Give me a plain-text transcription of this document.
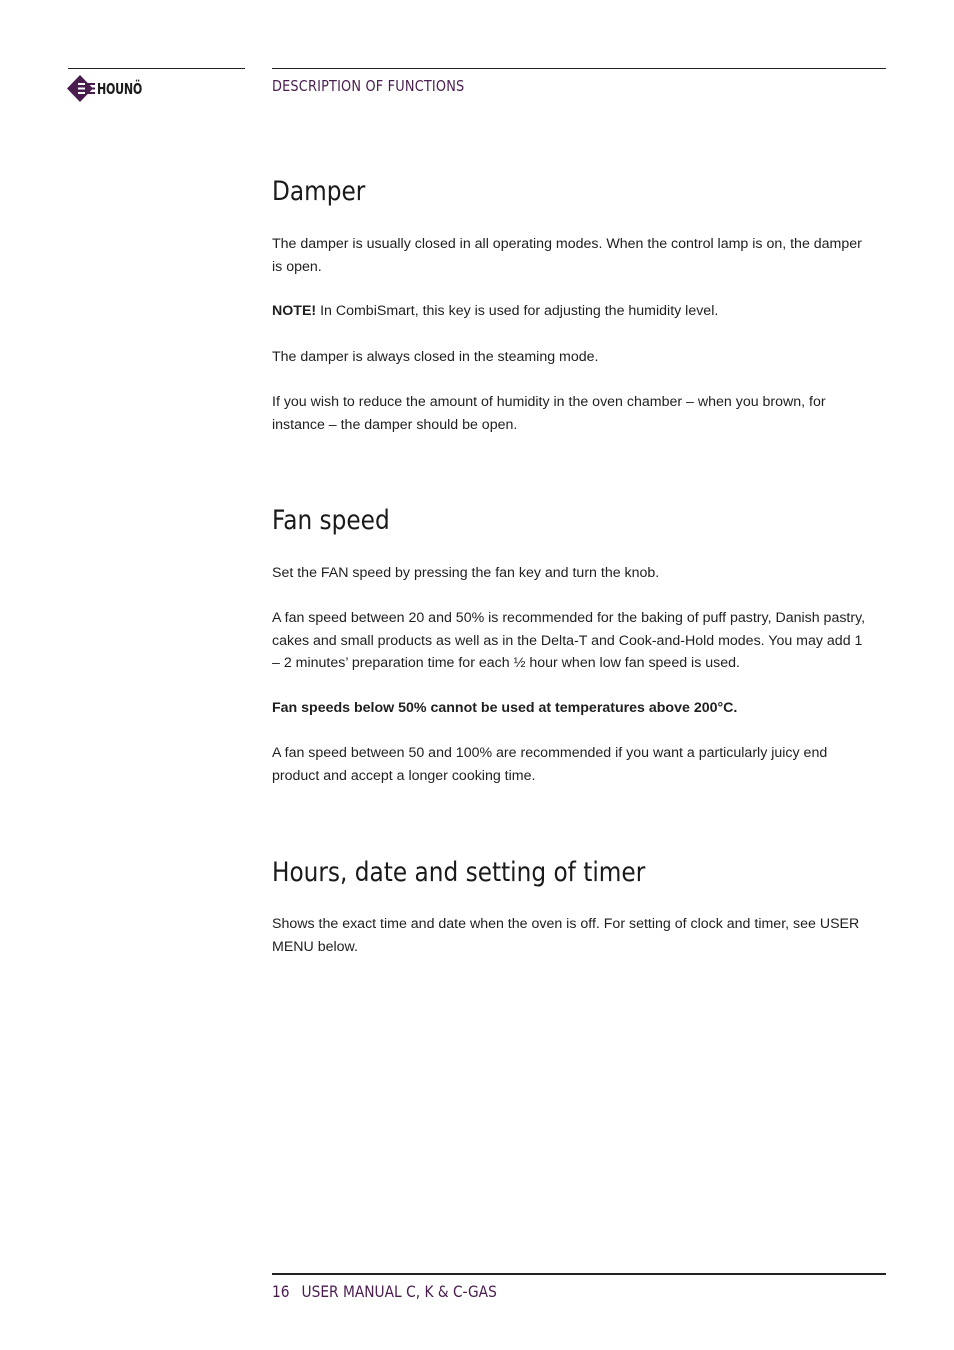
HOUNÖ	DESCRIPTION OF FUNCTIONS
Damper

The damper is usually closed in all operating modes. When the control lamp is on, the damper is open.

NOTE! In CombiSmart, this key is used for adjusting the humidity level.

The damper is always closed in the steaming mode.

If you wish to reduce the amount of humidity in the oven chamber – when you brown, for instance – the damper should be open.

Fan speed

Set the FAN speed by pressing the fan key and turn the knob.

A fan speed between 20 and 50% is recommended for the baking of puff pastry, Danish pastry, cakes and small products as well as in the Delta-T and Cook-and-Hold modes. You may add 1 – 2 minutes’ preparation time for each ½ hour when low fan speed is used.

Fan speeds below 50% cannot be used at temperatures above 200°C.

A fan speed between 50 and 100% are recommended if you want a particularly juicy end product and accept a longer cooking time.

Hours, date and setting of timer

Shows the exact time and date when the oven is off. For setting of clock and timer, see USER MENU below.

16 USER MANUAL C, K & C-GAS
